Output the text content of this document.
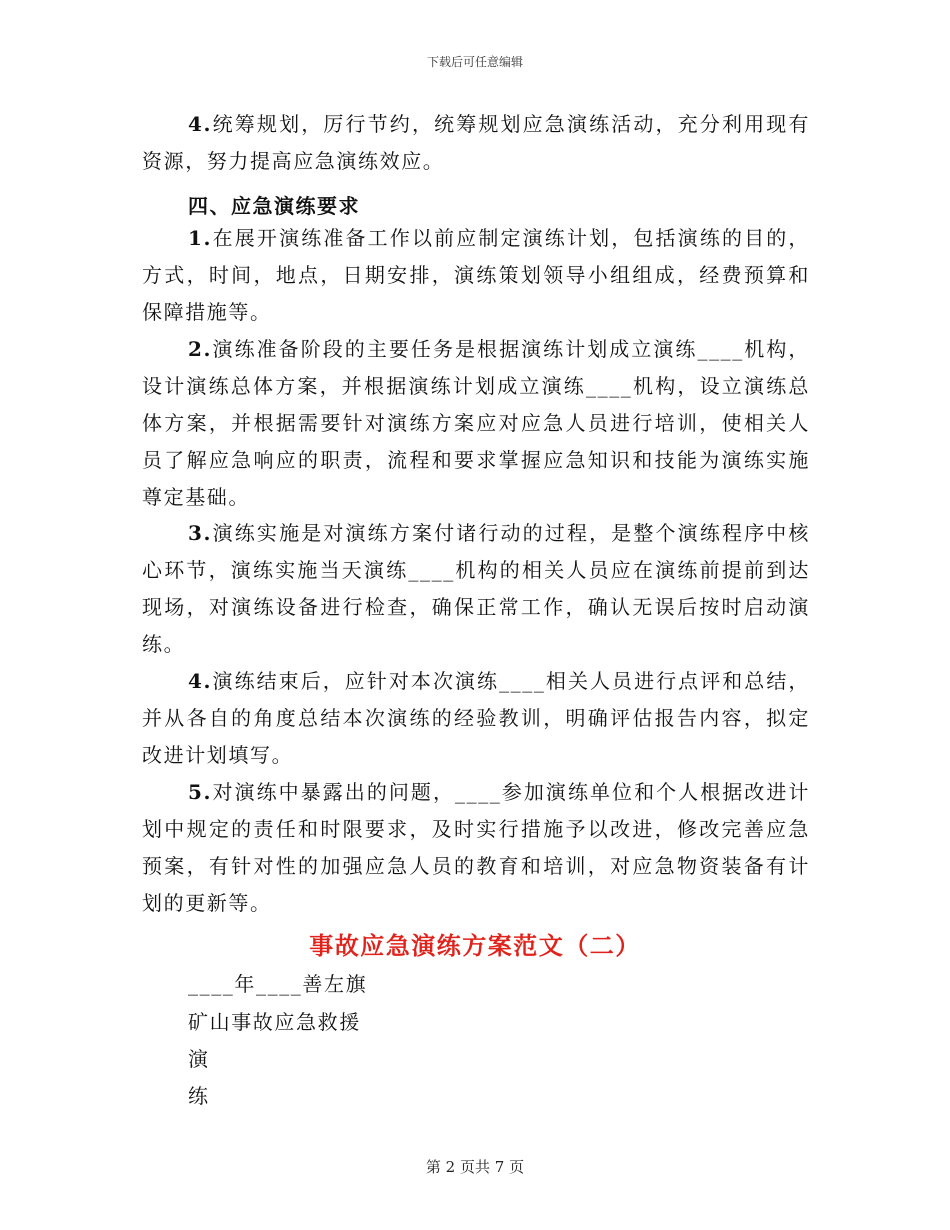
下载后可任意编辑

4.统筹规划，厉行节约，统筹规划应急演练活动，充分利用现有资源，努力提高应急演练效应。

四、应急演练要求

1.在展开演练准备工作以前应制定演练计划，包括演练的目的，方式，时间，地点，日期安排，演练策划领导小组组成，经费预算和保障措施等。

2.演练准备阶段的主要任务是根据演练计划成立演练____机构，设计演练总体方案，并根据演练计划成立演练____机构，设立演练总体方案，并根据需要针对演练方案应对应急人员进行培训，使相关人员了解应急响应的职责，流程和要求掌握应急知识和技能为演练实施尊定基础。

3.演练实施是对演练方案付诸行动的过程，是整个演练程序中核心环节，演练实施当天演练____机构的相关人员应在演练前提前到达现场，对演练设备进行检查，确保正常工作，确认无误后按时启动演练。

4.演练结束后，应针对本次演练____相关人员进行点评和总结，并从各自的角度总结本次演练的经验教训，明确评估报告内容，拟定改进计划填写。

5.对演练中暴露出的问题，____参加演练单位和个人根据改进计划中规定的责任和时限要求，及时实行措施予以改进，修改完善应急预案，有针对性的加强应急人员的教育和培训，对应急物资装备有计划的更新等。

事故应急演练方案范文（二）
____年____善左旗
矿山事故应急救援
演
练
第 2 页共 7 页
